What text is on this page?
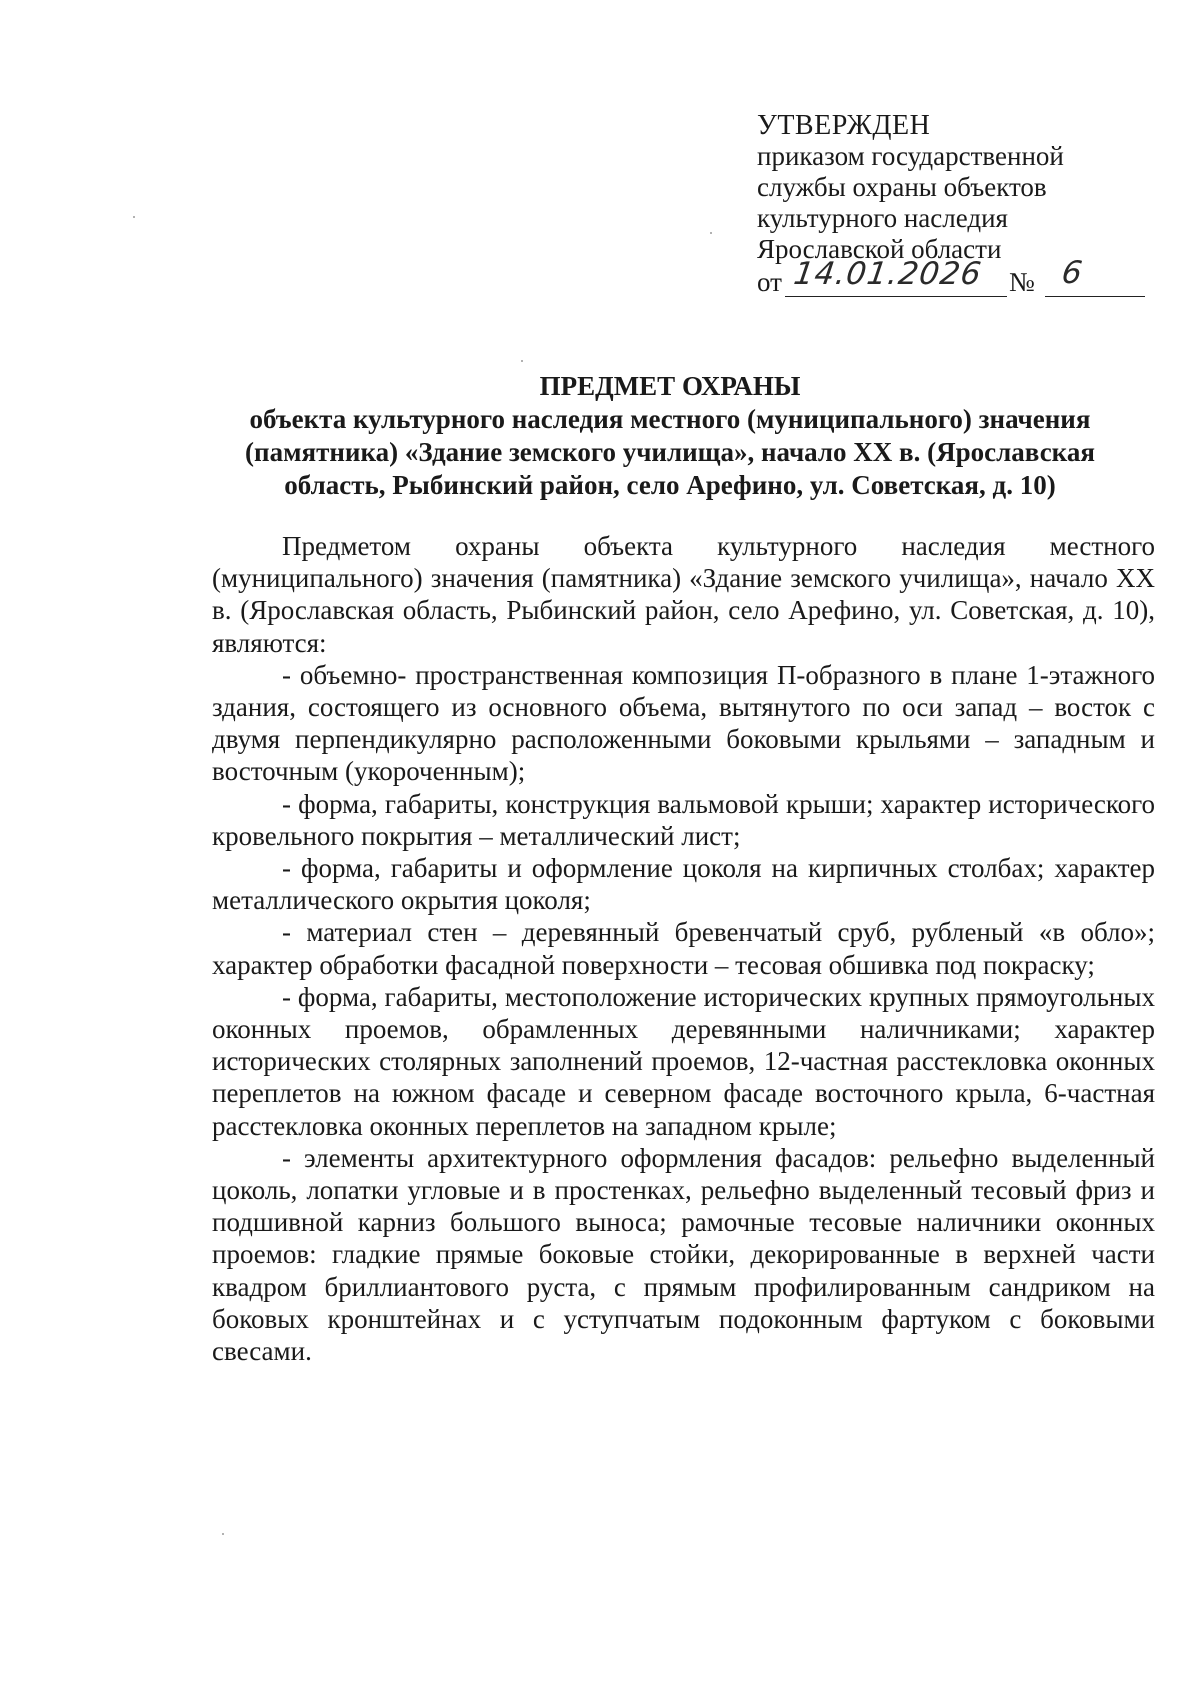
УТВЕРЖДЕН
приказом государственной
службы охраны объектов
культурного наследия
Ярославской области
от 14.01.2026 № 6
ПРЕДМЕТ ОХРАНЫ
объекта культурного наследия местного (муниципального) значения (памятника) «Здание земского училища», начало XX в. (Ярославская область, Рыбинский район, село Арефино, ул. Советская, д. 10)

Предметом охраны объекта культурного наследия местного (муниципального) значения (памятника) «Здание земского училища», начало XX в. (Ярославская область, Рыбинский район, село Арефино, ул. Советская, д. 10), являются:

- объемно- пространственная композиция П-образного в плане 1-этажного здания, состоящего из основного объема, вытянутого по оси запад – восток с двумя перпендикулярно расположенными боковыми крыльями – западным и восточным (укороченным);

- форма, габариты, конструкция вальмовой крыши; характер исторического кровельного покрытия – металлический лист;

- форма, габариты и оформление цоколя на кирпичных столбах; характер металлического окрытия цоколя;

- материал стен – деревянный бревенчатый сруб, рубленый «в обло»; характер обработки фасадной поверхности – тесовая обшивка под покраску;

- форма, габариты, местоположение исторических крупных прямоугольных оконных проемов, обрамленных деревянными наличниками; характер исторических столярных заполнений проемов, 12-частная расстекловка оконных переплетов на южном фасаде и северном фасаде восточного крыла, 6-частная расстекловка оконных переплетов на западном крыле;

- элементы архитектурного оформления фасадов: рельефно выделенный цоколь, лопатки угловые и в простенках, рельефно выделенный тесовый фриз и подшивной карниз большого выноса; рамочные тесовые наличники оконных проемов: гладкие прямые боковые стойки, декорированные в верхней части квадром бриллиантового руста, с прямым профилированным сандриком на боковых кронштейнах и с уступчатым подоконным фартуком с боковыми свесами.
